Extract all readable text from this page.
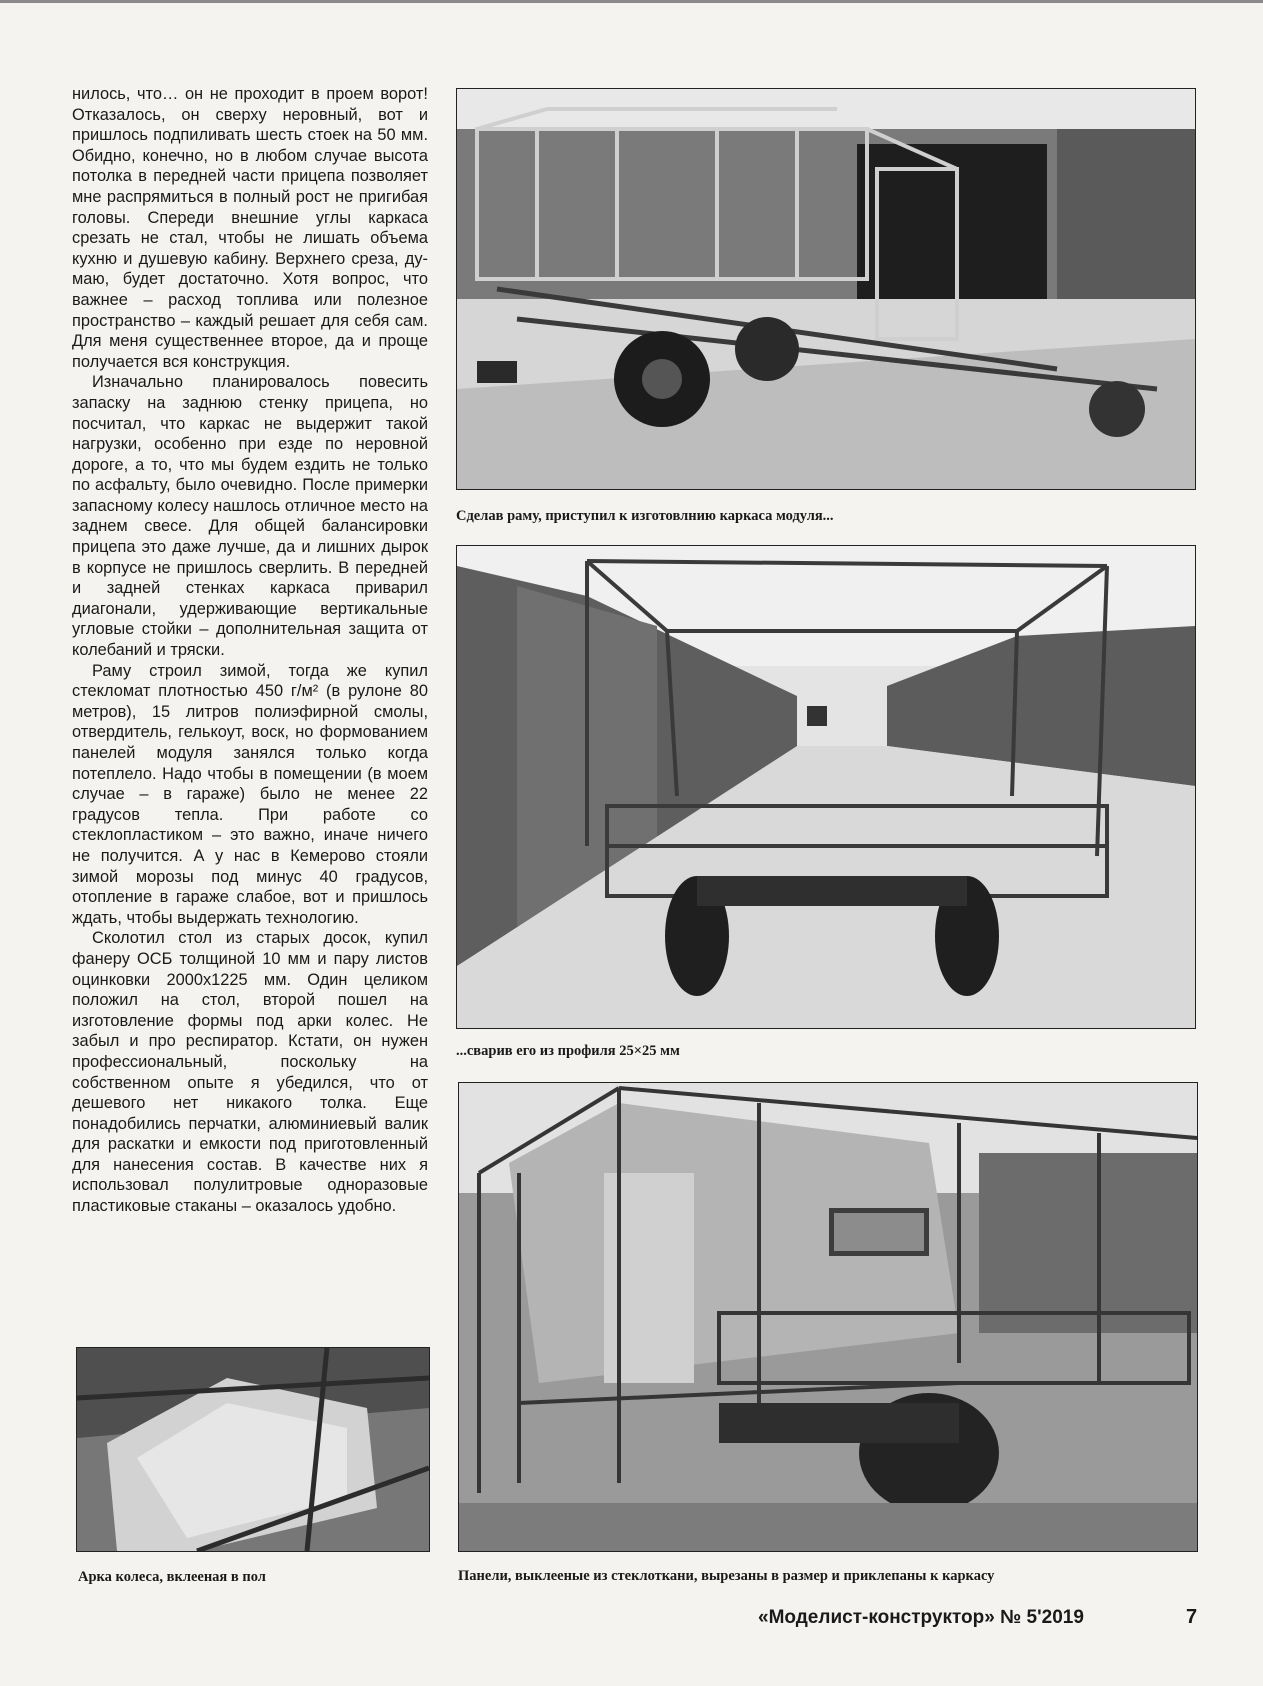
нилось, что… он не проходит в проем ворот! Отказалось, он сверху неровный, вот и пришлось подпиливать шесть стоек на 50 мм. Обидно, конечно, но в любом случае высота потолка в передней части прицепа позволяет мне распрямиться в полный рост не пригибая головы. Спереди внешние углы каркаса срезать не стал, чтобы не лишать объема кухню и душевую кабину. Верхнего среза, думаю, будет достаточно. Хотя вопрос, что важнее – расход топлива или полезное пространство – каждый решает для себя сам. Для меня существеннее второе, да и проще получается вся конструкция.

Изначально планировалось повесить запаску на заднюю стенку прицепа, но посчитал, что каркас не выдержит такой нагрузки, особенно при езде по неровной дороге, а то, что мы будем ездить не только по асфальту, было очевидно. После примерки запасному колесу нашлось отличное место на заднем свесе. Для общей балансировки прицепа это даже лучше, да и лишних дырок в корпусе не пришлось сверлить. В передней и задней стенках каркаса приварил диагонали, удерживающие вертикальные угловые стойки – дополнительная защита от колебаний и тряски.

Раму строил зимой, тогда же купил стекломат плотностью 450 г/м² (в рулоне 80 метров), 15 литров полиэфирной смолы, отвердитель, гелькоут, воск, но формованием панелей модуля занялся только когда потеплело. Надо чтобы в помещении (в моем случае – в гараже) было не менее 22 градусов тепла. При работе со стеклопластиком – это важно, иначе ничего не получится. А у нас в Кемерово стояли зимой морозы под минус 40 градусов, отопление в гараже слабое, вот и пришлось ждать, чтобы выдержать технологию.

Сколотил стол из старых досок, купил фанеру ОСБ толщиной 10 мм и пару листов оцинковки 2000х1225 мм. Один целиком положил на стол, второй пошел на изготовление формы под арки колес. Не забыл и про респиратор. Кстати, он нужен профессиональный, поскольку на собственном опыте я убедился, что от дешевого нет никакого толка. Еще понадобились перчатки, алюминиевый валик для раскатки и емкости под приготовленный для нанесения состав. В качестве них я использовал полулитровые одноразовые пластиковые стаканы – оказалось удобно.

Сделав раму, приступил к изготовлнию каркаса модуля...
...сварив его из профиля 25×25 мм
Арка колеса, вклееная в пол	Панели, выклееные из стеклоткани, вырезаны в размер и приклепаны к каркасу
«Моделист-конструктор» № 5'2019	7
